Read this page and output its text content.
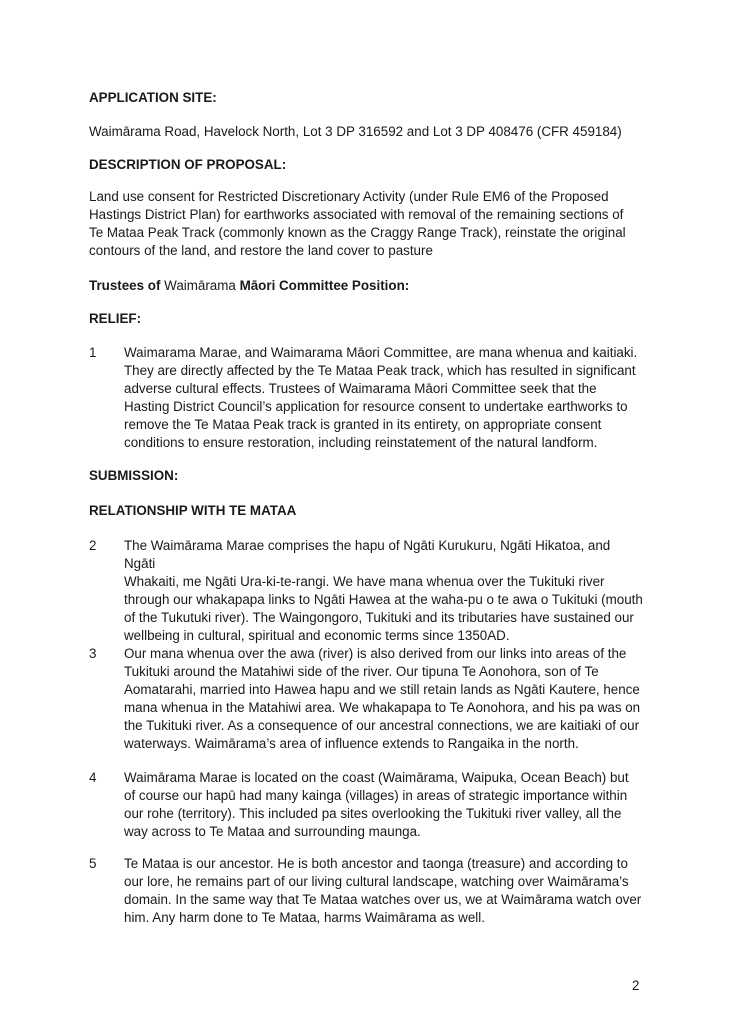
APPLICATION SITE:
Waimārama Road, Havelock North, Lot 3 DP 316592 and Lot 3 DP 408476 (CFR 459184)
DESCRIPTION OF PROPOSAL:
Land use consent for Restricted Discretionary Activity (under Rule EM6 of the Proposed
Hastings District Plan) for earthworks associated with removal of the remaining sections of
Te Mataa Peak Track (commonly known as the Craggy Range Track), reinstate the original
contours of the land, and restore the land cover to pasture
Trustees of Waimārama Māori Committee Position:
RELIEF:
1	Waimarama Marae, and Waimarama Māori Committee, are mana whenua and kaitiaki.
They are directly affected by the Te Mataa Peak track, which has resulted in significant
adverse cultural effects. Trustees of Waimarama Māori Committee seek that the
Hasting District Council’s application for resource consent to undertake earthworks to
remove the Te Mataa Peak track is granted in its entirety, on appropriate consent
conditions to ensure restoration, including reinstatement of the natural landform.
SUBMISSION:
RELATIONSHIP WITH TE MATAA
2	The Waimārama Marae comprises the hapu of Ngāti Kurukuru, Ngāti Hikatoa, and Ngāti
Whakaiti, me Ngāti Ura-ki-te-rangi. We have mana whenua over the Tukituki river
through our whakapapa links to Ngāti Hawea at the waha-pu o te awa o Tukituki (mouth
of the Tukutuki river). The Waingongoro, Tukituki and its tributaries have sustained our
wellbeing in cultural, spiritual and economic terms since 1350AD.
3	Our mana whenua over the awa (river) is also derived from our links into areas of the
Tukituki around the Matahiwi side of the river. Our tipuna Te Aonohora, son of Te
Aomatarahi, married into Hawea hapu and we still retain lands as Ngāti Kautere, hence
mana whenua in the Matahiwi area. We whakapapa to Te Aonohora, and his pa was on
the Tukituki river. As a consequence of our ancestral connections, we are kaitiaki of our
waterways. Waimārama’s area of influence extends to Rangaika in the north.
4	Waimārama Marae is located on the coast (Waimārama, Waipuka, Ocean Beach) but
of course our hapū had many kainga (villages) in areas of strategic importance within
our rohe (territory). This included pa sites overlooking the Tukituki river valley, all the
way across to Te Mataa and surrounding maunga.
5	Te Mataa is our ancestor. He is both ancestor and taonga (treasure) and according to
our lore, he remains part of our living cultural landscape, watching over Waimārama’s
domain. In the same way that Te Mataa watches over us, we at Waimārama watch over
him. Any harm done to Te Mataa, harms Waimārama as well.
2
